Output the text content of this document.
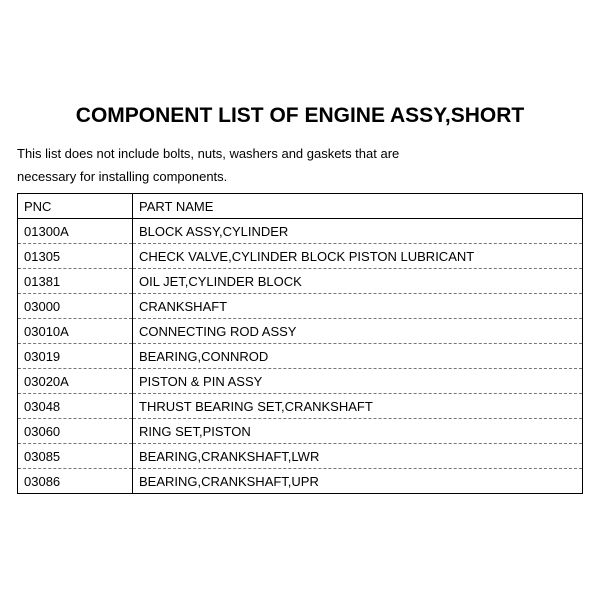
COMPONENT LIST OF ENGINE ASSY,SHORT

This list does not include bolts, nuts, washers and gaskets that are
necessary for installing components.

PNC	PART NAME
01300A	BLOCK ASSY,CYLINDER
01305	CHECK VALVE,CYLINDER BLOCK PISTON LUBRICANT
01381	OIL JET,CYLINDER BLOCK
03000	CRANKSHAFT
03010A	CONNECTING ROD ASSY
03019	BEARING,CONNROD
03020A	PISTON & PIN ASSY
03048	THRUST BEARING SET,CRANKSHAFT
03060	RING SET,PISTON
03085	BEARING,CRANKSHAFT,LWR
03086	BEARING,CRANKSHAFT,UPR
